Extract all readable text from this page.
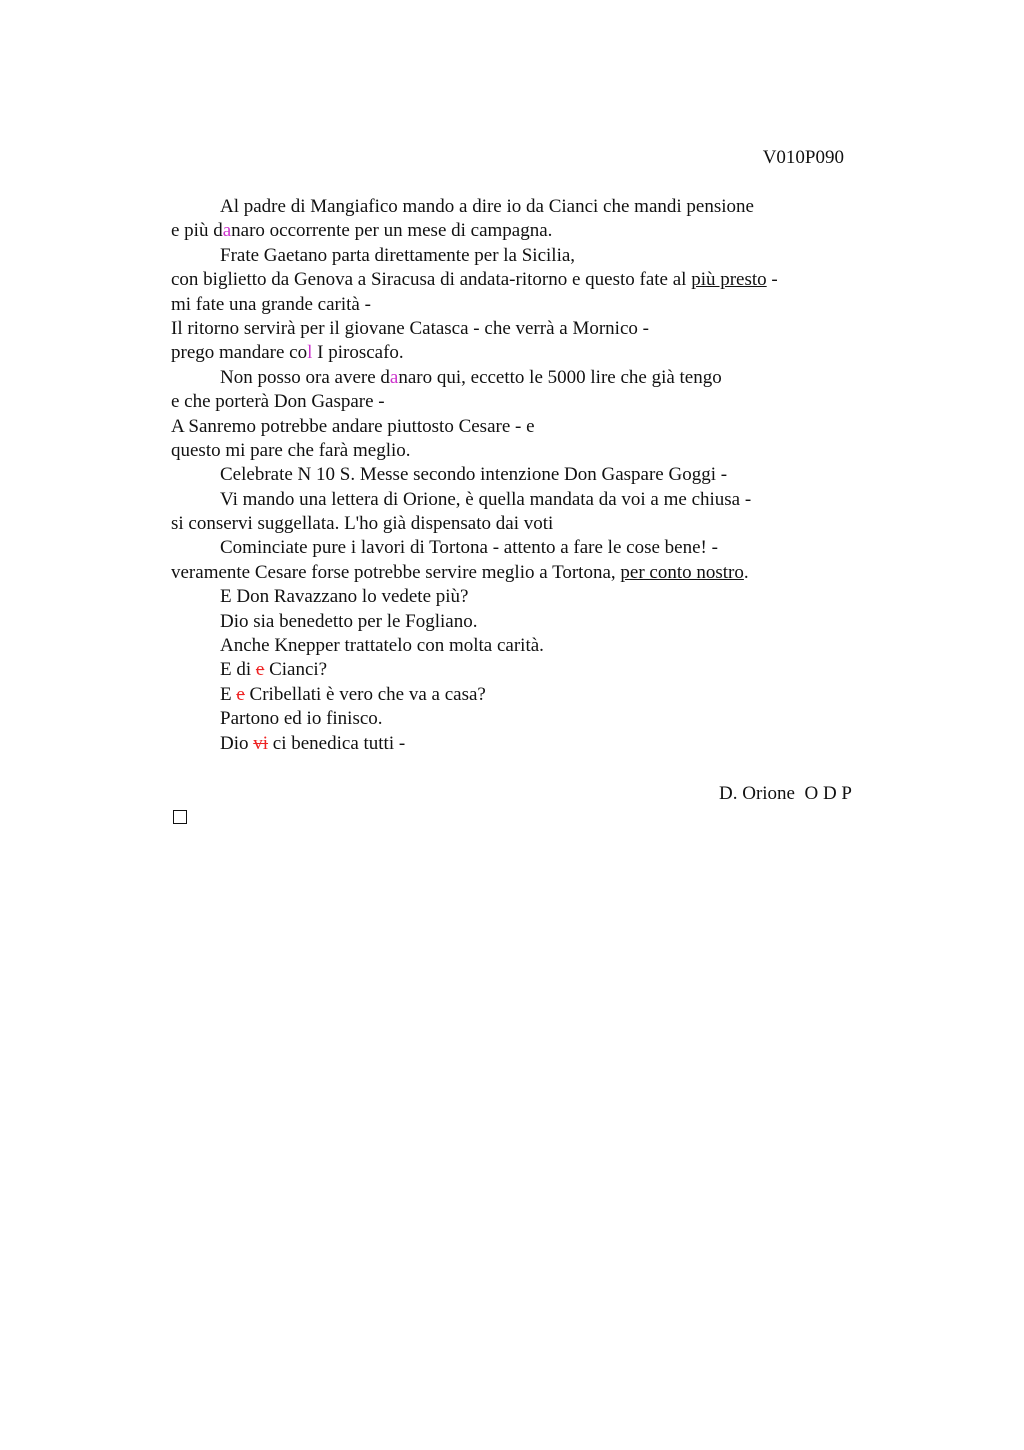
V010P090
Al padre di Mangiafico mando a dire io da Cianci che mandi pensione
e più danaro occorrente per un mese di campagna.
Frate Gaetano parta direttamente per la Sicilia,
con biglietto da Genova a Siracusa di andata-ritorno e questo fate al più presto -
mi fate una grande carità -
Il ritorno servirà per il giovane Catasca - che verrà a Mornico -
prego mandare col I piroscafo.
Non posso ora avere danaro qui, eccetto le 5000 lire che già tengo
e che porterà Don Gaspare -
A Sanremo potrebbe andare piuttosto Cesare - e
questo mi pare che farà meglio.
Celebrate N 10 S. Messe secondo intenzione Don Gaspare Goggi -
Vi mando una lettera di Orione, è quella mandata da voi a me chiusa -
si conservi suggellata. L'ho già dispensato dai voti
Cominciate pure i lavori di Tortona - attento a fare le cose bene! -
veramente Cesare forse potrebbe servire meglio a Tortona, per conto nostro.
E Don Ravazzano lo vedete più?
Dio sia benedetto per le Fogliano.
Anche Knepper trattatelo con molta carità.
E di e Cianci?
E e Cribellati è vero che va a casa?
Partono ed io finisco.
Dio vi ci benedica tutti -
D. Orione  O D P
